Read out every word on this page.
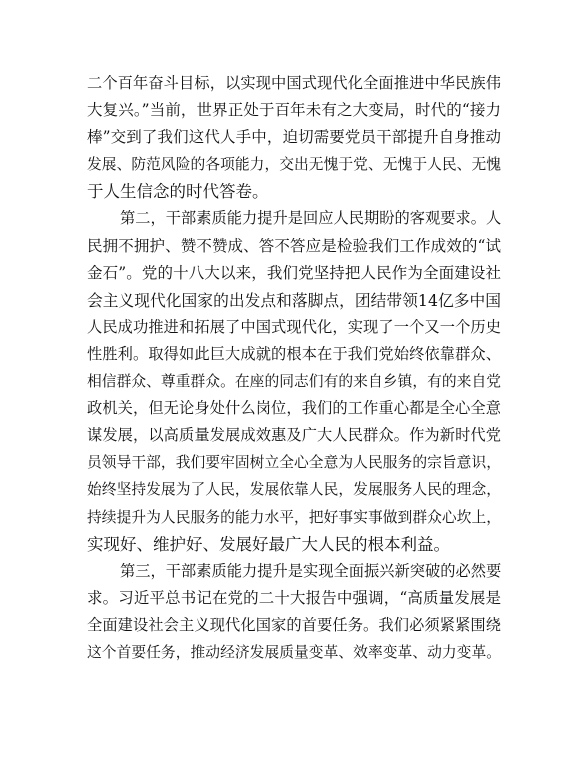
二个百年奋斗目标，以实现中国式现代化全面推进中华民族伟
大复兴。”当前，世界正处于百年未有之大变局，时代的“接力
棒”交到了我们这代人手中，迫切需要党员干部提升自身推动
发展、防范风险的各项能力，交出无愧于党、无愧于人民、无愧
于人生信念的时代答卷。
第二，干部素质能力提升是回应人民期盼的客观要求。人
民拥不拥护、赞不赞成、答不答应是检验我们工作成效的“试
金石”。党的十八大以来，我们党坚持把人民作为全面建设社
会主义现代化国家的出发点和落脚点，团结带领14亿多中国
人民成功推进和拓展了中国式现代化，实现了一个又一个历史
性胜利。取得如此巨大成就的根本在于我们党始终依靠群众、
相信群众、尊重群众。在座的同志们有的来自乡镇，有的来自党
政机关，但无论身处什么岗位，我们的工作重心都是全心全意
谋发展，以高质量发展成效惠及广大人民群众。作为新时代党
员领导干部，我们要牢固树立全心全意为人民服务的宗旨意识，
始终坚持发展为了人民，发展依靠人民，发展服务人民的理念，
持续提升为人民服务的能力水平，把好事实事做到群众心坎上，
实现好、维护好、发展好最广大人民的根本利益。
第三，干部素质能力提升是实现全面振兴新突破的必然要
求。习近平总书记在党的二十大报告中强调，“高质量发展是
全面建设社会主义现代化国家的首要任务。我们必须紧紧围绕
这个首要任务，推动经济发展质量变革、效率变革、动力变革。
